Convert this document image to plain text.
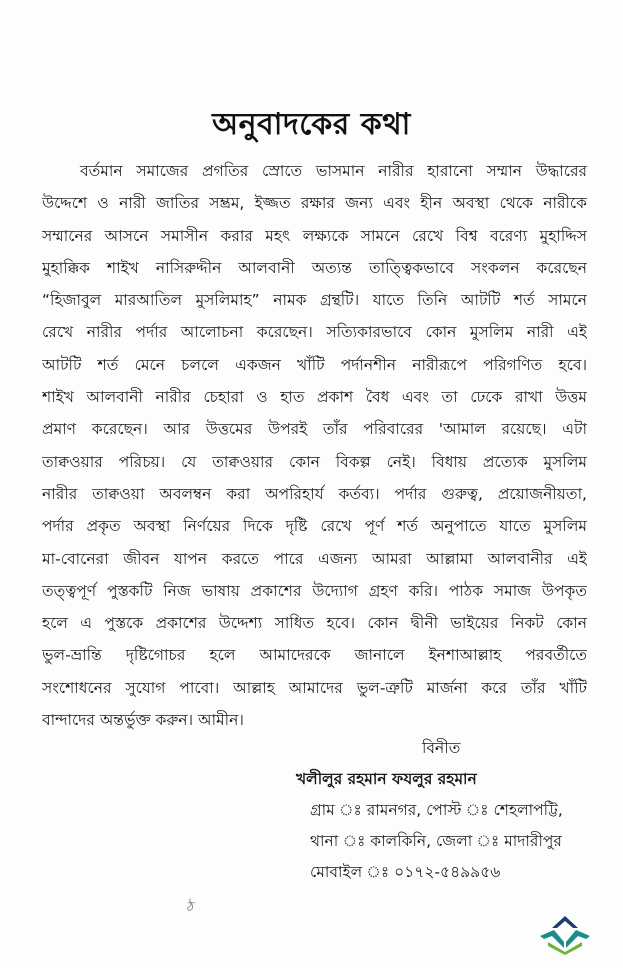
অনুবাদকের কথা
বর্তমান সমাজের প্রগতির স্রোতে ভাসমান নারীর হারানো সম্মান উদ্ধারের
উদ্দেশে ও নারী জাতির সম্ভ্রম, ইজ্জত রক্ষার জন্য এবং হীন অবস্থা থেকে নারীকে
সম্মানের আসনে সমাসীন করার মহৎ লক্ষ্যকে সামনে রেখে বিশ্ব বরেণ্য মুহাদ্দিস
মুহাক্কিক শাইখ নাসিরুদ্দীন আলবানী অত্যন্ত তাত্ত্বিকভাবে সংকলন করেছেন
“হিজাবুল মারআতিল মুসলিমাহ” নামক গ্রন্থটি। যাতে তিনি আটটি শর্ত সামনে
রেখে নারীর পর্দার আলোচনা করেছেন। সত্যিকারভাবে কোন মুসলিম নারী এই
আটটি শর্ত মেনে চললে একজন খাঁটি পর্দানশীন নারীরূপে পরিগণিত হবে।
শাইখ আলবানী নারীর চেহারা ও হাত প্রকাশ বৈধ এবং তা ঢেকে রাখা উত্তম
প্রমাণ করেছেন। আর উত্তমের উপরই তাঁর পরিবারের 'আমাল রয়েছে। এটা
তাক্বওয়ার পরিচয়। যে তাক্বওয়ার কোন বিকল্প নেই। বিধায় প্রত্যেক মুসলিম
নারীর তাক্বওয়া অবলম্বন করা অপরিহার্য কর্তব্য। পর্দার গুরুত্ব, প্রয়োজনীয়তা,
পর্দার প্রকৃত অবস্থা নির্ণয়ের দিকে দৃষ্টি রেখে পূর্ণ শর্ত অনুপাতে যাতে মুসলিম
মা-বোনেরা জীবন যাপন করতে পারে এজন্য আমরা আল্লামা আলবানীর এই
তত্ত্বপূর্ণ পুস্তকটি নিজ ভাষায় প্রকাশের উদ্যোগ গ্রহণ করি। পাঠক সমাজ উপকৃত
হলে এ পুস্তকে প্রকাশের উদ্দেশ্য সাধিত হবে। কোন দ্বীনী ভাইয়ের নিকট কোন
ভুল-ভ্রান্তি দৃষ্টিগোচর হলে আমাদেরকে জানালে ইনশাআল্লাহ পরবর্তীতে
সংশোধনের সুযোগ পাবো। আল্লাহ আমাদের ভুল-ত্রুটি মার্জনা করে তাঁর খাঁটি
বান্দাদের অন্তর্ভুক্ত করুন। আমীন।
বিনীত
খলীলুর রহমান ফযলুর রহমান
গ্রাম ঃ রামনগর, পোস্ট ঃ শেহলাপট্টি,
থানা ঃ কালকিনি, জেলা ঃ মাদারীপুর
মোবাইল ঃ ০১৭২-৫৪৯৯৫৬
ঠ
